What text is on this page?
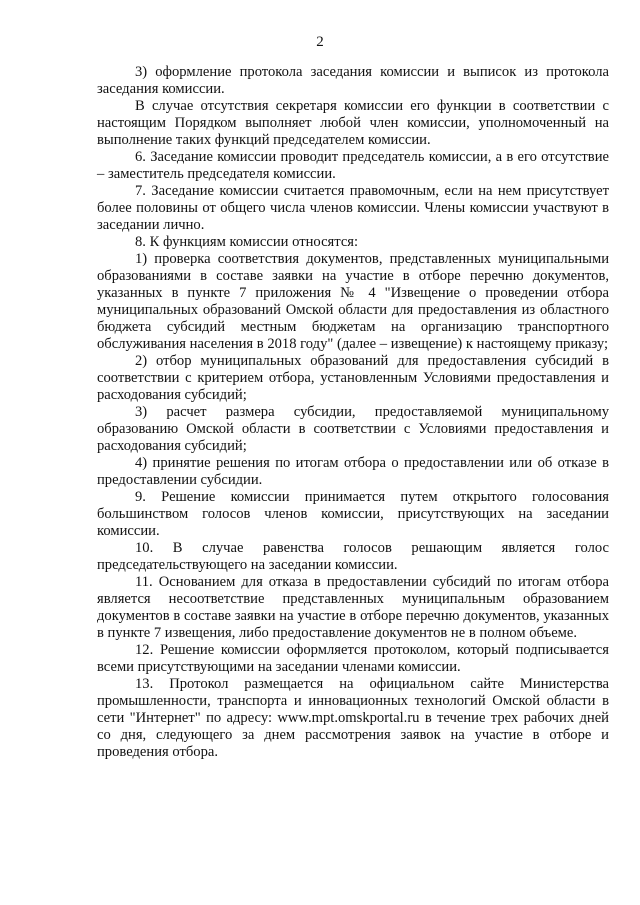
2

3) оформление протокола заседания комиссии и выписок из протокола заседания комиссии.

В случае отсутствия секретаря комиссии его функции в соответствии с настоящим Порядком выполняет любой член комиссии, уполномоченный на выполнение таких функций председателем комиссии.

6. Заседание комиссии проводит председатель комиссии, а в его отсутствие – заместитель председателя комиссии.

7. Заседание комиссии считается правомочным, если на нем присутствует более половины от общего числа членов комиссии. Члены комиссии участвуют в заседании лично.

8. К функциям комиссии относятся:

1) проверка соответствия документов, представленных муниципальными образованиями в составе заявки на участие в отборе перечню документов, указанных в пункте 7 приложения № 4 "Извещение о проведении отбора муниципальных образований Омской области для предоставления из областного бюджета субсидий местным бюджетам на организацию транспортного обслуживания населения в 2018 году" (далее – извещение) к настоящему приказу;

2) отбор муниципальных образований для предоставления субсидий в соответствии с критерием отбора, установленным Условиями предоставления и расходования субсидий;

3) расчет размера субсидии, предоставляемой муниципальному образованию Омской области в соответствии с Условиями предоставления и расходования субсидий;

4) принятие решения по итогам отбора о предоставлении или об отказе в предоставлении субсидии.

9. Решение комиссии принимается путем открытого голосования большинством голосов членов комиссии, присутствующих на заседании комиссии.

10. В случае равенства голосов решающим является голос председательствующего на заседании комиссии.

11. Основанием для отказа в предоставлении субсидий по итогам отбора является несоответствие представленных муниципальным образованием документов в составе заявки на участие в отборе перечню документов, указанных в пункте 7 извещения, либо предоставление документов не в полном объеме.

12. Решение комиссии оформляется протоколом, который подписывается всеми присутствующими на заседании членами комиссии.

13. Протокол размещается на официальном сайте Министерства промышленности, транспорта и инновационных технологий Омской области в сети "Интернет" по адресу: www.mpt.omskportal.ru в течение трех рабочих дней со дня, следующего за днем рассмотрения заявок на участие в отборе и проведения отбора.
